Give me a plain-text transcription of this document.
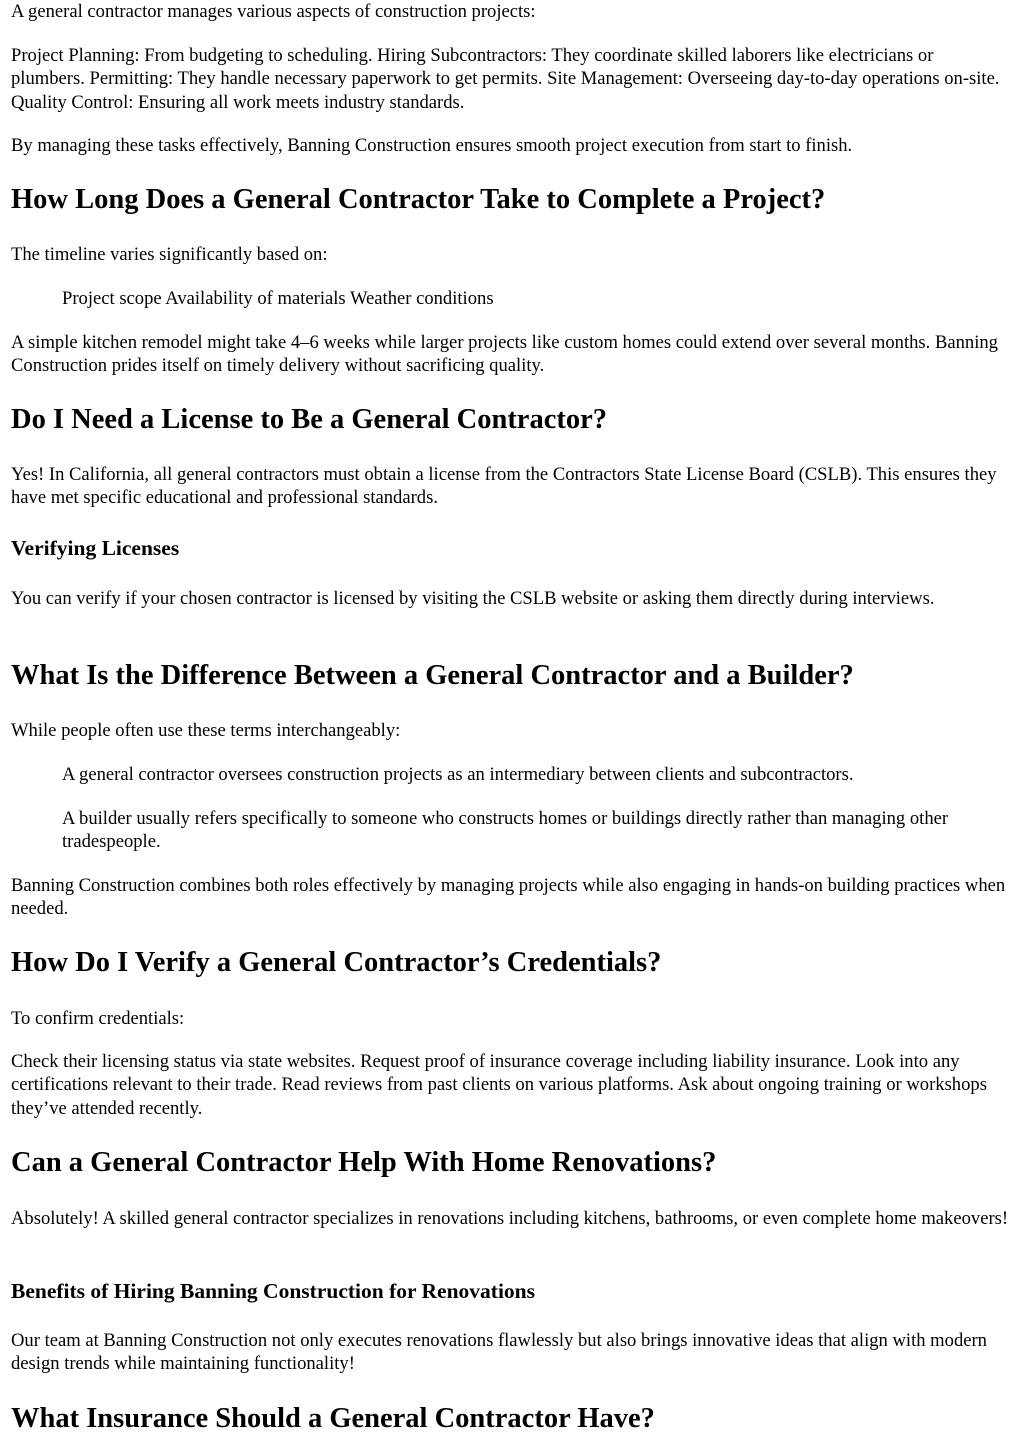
A general contractor manages various aspects of construction projects:

Project Planning: From budgeting to scheduling. Hiring Subcontractors: They coordinate skilled laborers like electricians or plumbers. Permitting: They handle necessary paperwork to get permits. Site Management: Overseeing day-to-day operations on-site. Quality Control: Ensuring all work meets industry standards.

By managing these tasks effectively, Banning Construction ensures smooth project execution from start to finish.

How Long Does a General Contractor Take to Complete a Project?

The timeline varies significantly based on:

Project scope Availability of materials Weather conditions

A simple kitchen remodel might take 4–6 weeks while larger projects like custom homes could extend over several months. Banning Construction prides itself on timely delivery without sacrificing quality.

Do I Need a License to Be a General Contractor?

Yes! In California, all general contractors must obtain a license from the Contractors State License Board (CSLB). This ensures they have met specific educational and professional standards.

Verifying Licenses

You can verify if your chosen contractor is licensed by visiting the CSLB website or asking them directly during interviews.

What Is the Difference Between a General Contractor and a Builder?

While people often use these terms interchangeably:

A general contractor oversees construction projects as an intermediary between clients and subcontractors.

A builder usually refers specifically to someone who constructs homes or buildings directly rather than managing other tradespeople.

Banning Construction combines both roles effectively by managing projects while also engaging in hands-on building practices when needed.

How Do I Verify a General Contractor’s Credentials?

To confirm credentials:

Check their licensing status via state websites. Request proof of insurance coverage including liability insurance. Look into any certifications relevant to their trade. Read reviews from past clients on various platforms. Ask about ongoing training or workshops they’ve attended recently.

Can a General Contractor Help With Home Renovations?

Absolutely! A skilled general contractor specializes in renovations including kitchens, bathrooms, or even complete home makeovers!

Benefits of Hiring Banning Construction for Renovations

Our team at Banning Construction not only executes renovations flawlessly but also brings innovative ideas that align with modern design trends while maintaining functionality!

What Insurance Should a General Contractor Have?
